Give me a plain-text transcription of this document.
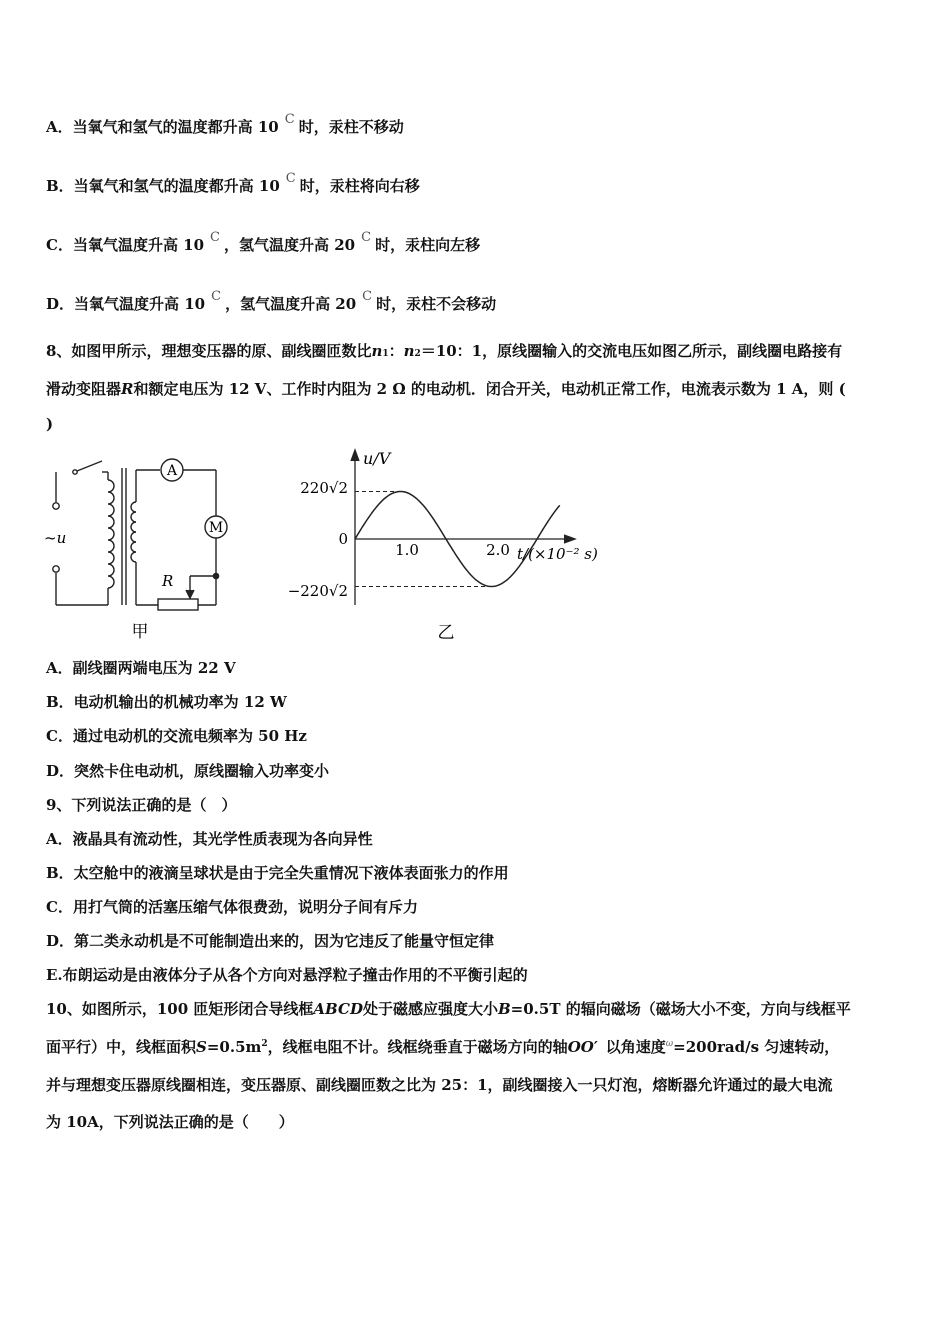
A．当氧气和氢气的温度都升高 10 C 时，汞柱不移动
B．当氧气和氢气的温度都升高 10 C 时，汞柱将向右移
C．当氧气温度升高 10 C ，氢气温度升高 20 C 时，汞柱向左移
D．当氧气温度升高 10 C ，氢气温度升高 20 C 时，汞柱不会移动
8、如图甲所示，理想变压器的原、副线圈匝数比n1：n2＝10：1，原线圈输入的交流电压如图乙所示，副线圈电路接有
滑动变阻器R和额定电压为 12 V、工作时内阻为 2 Ω 的电动机．闭合开关，电动机正常工作，电流表示数为 1 A，则 (
)
A
M
R
~u
甲
u/V
220√2
0
−220√2
1.0	2.0 t/(×10⁻² s)
乙
A．副线圈两端电压为 22 V
B．电动机输出的机械功率为 12 W
C．通过电动机的交流电频率为 50 Hz
D．突然卡住电动机，原线圈输入功率变小
9、下列说法正确的是（　）
A．液晶具有流动性，其光学性质表现为各向异性
B．太空舱中的液滴呈球状是由于完全失重情况下液体表面张力的作用
C．用打气筒的活塞压缩气体很费劲，说明分子间有斥力
D．第二类永动机是不可能制造出来的，因为它违反了能量守恒定律
E.布朗运动是由液体分子从各个方向对悬浮粒子撞击作用的不平衡引起的
10、如图所示，100 匝矩形闭合导线框ABCD处于磁感应强度大小B=0.5T 的辐向磁场（磁场大小不变，方向与线框平
面平行）中，线框面积$S=0.5m^2$，线框电阻不计。线框绕垂直于磁场方向的轴OO′ 以角速度$^\omega$=200rad/s 匀速转动，
并与理想变压器原线圈相连，变压器原、副线圈匝数之比为 25：1，副线圈接入一只灯泡，熔断器允许通过的最大电流
为 10A，下列说法正确的是（　　）
